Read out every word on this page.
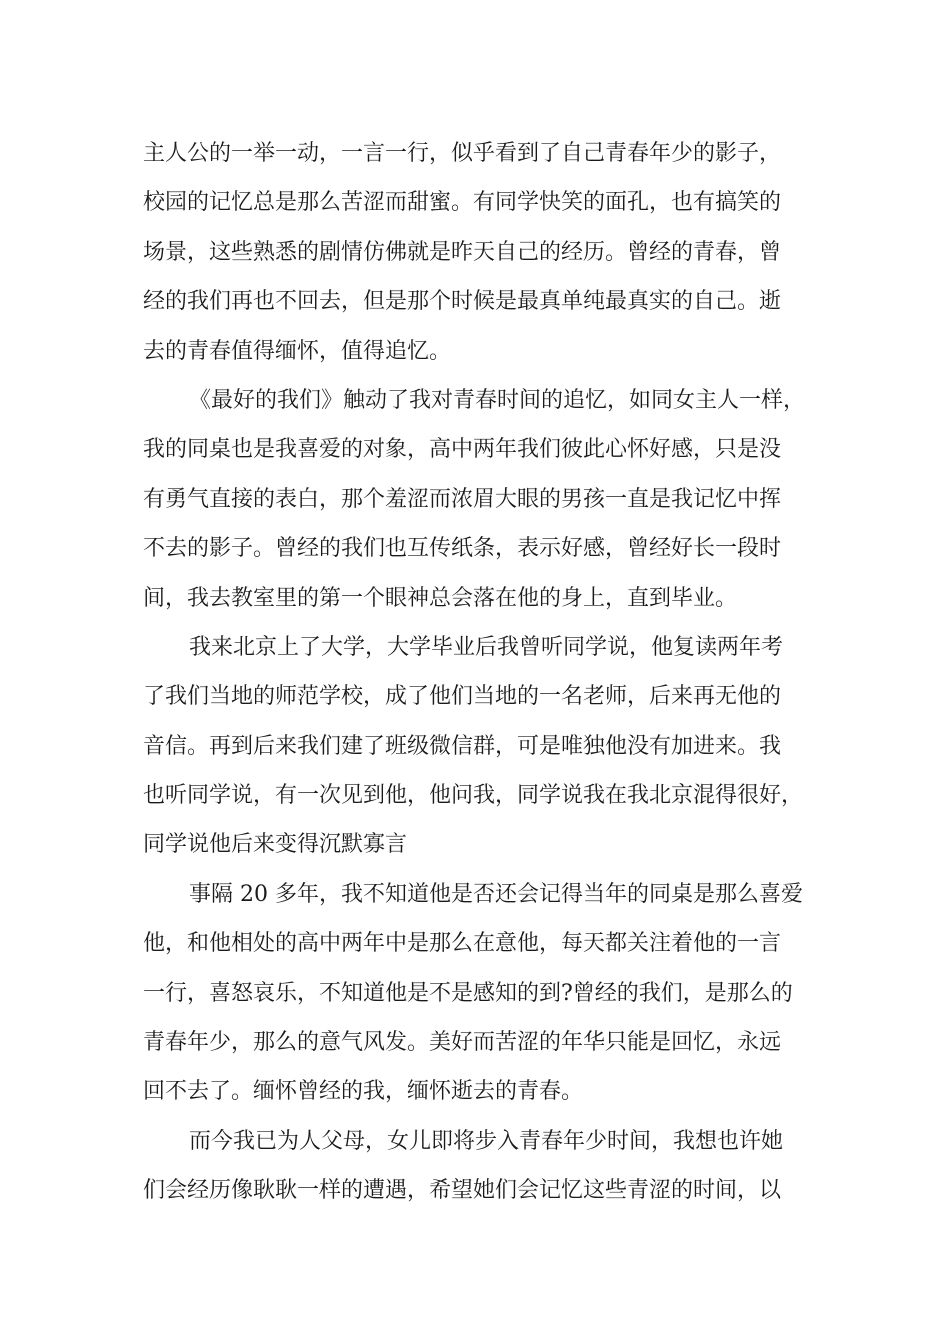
主人公的一举一动，一言一行，似乎看到了自己青春年少的影子，
校园的记忆总是那么苦涩而甜蜜。有同学快笑的面孔，也有搞笑的
场景，这些熟悉的剧情仿佛就是昨天自己的经历。曾经的青春，曾
经的我们再也不回去，但是那个时候是最真单纯最真实的自己。逝
去的青春值得缅怀，值得追忆。
《最好的我们》触动了我对青春时间的追忆，如同女主人一样，
我的同桌也是我喜爱的对象，高中两年我们彼此心怀好感，只是没
有勇气直接的表白，那个羞涩而浓眉大眼的男孩一直是我记忆中挥
不去的影子。曾经的我们也互传纸条，表示好感，曾经好长一段时
间，我去教室里的第一个眼神总会落在他的身上，直到毕业。
我来北京上了大学，大学毕业后我曾听同学说，他复读两年考
了我们当地的师范学校，成了他们当地的一名老师，后来再无他的
音信。再到后来我们建了班级微信群，可是唯独他没有加进来。我
也听同学说，有一次见到他，他问我，同学说我在我北京混得很好，
同学说他后来变得沉默寡言
事隔 20 多年，我不知道他是否还会记得当年的同桌是那么喜爱
他，和他相处的高中两年中是那么在意他，每天都关注着他的一言
一行，喜怒哀乐，不知道他是不是感知的到?曾经的我们，是那么的
青春年少，那么的意气风发。美好而苦涩的年华只能是回忆，永远
回不去了。缅怀曾经的我，缅怀逝去的青春。
而今我已为人父母，女儿即将步入青春年少时间，我想也许她
们会经历像耿耿一样的遭遇，希望她们会记忆这些青涩的时间，以
